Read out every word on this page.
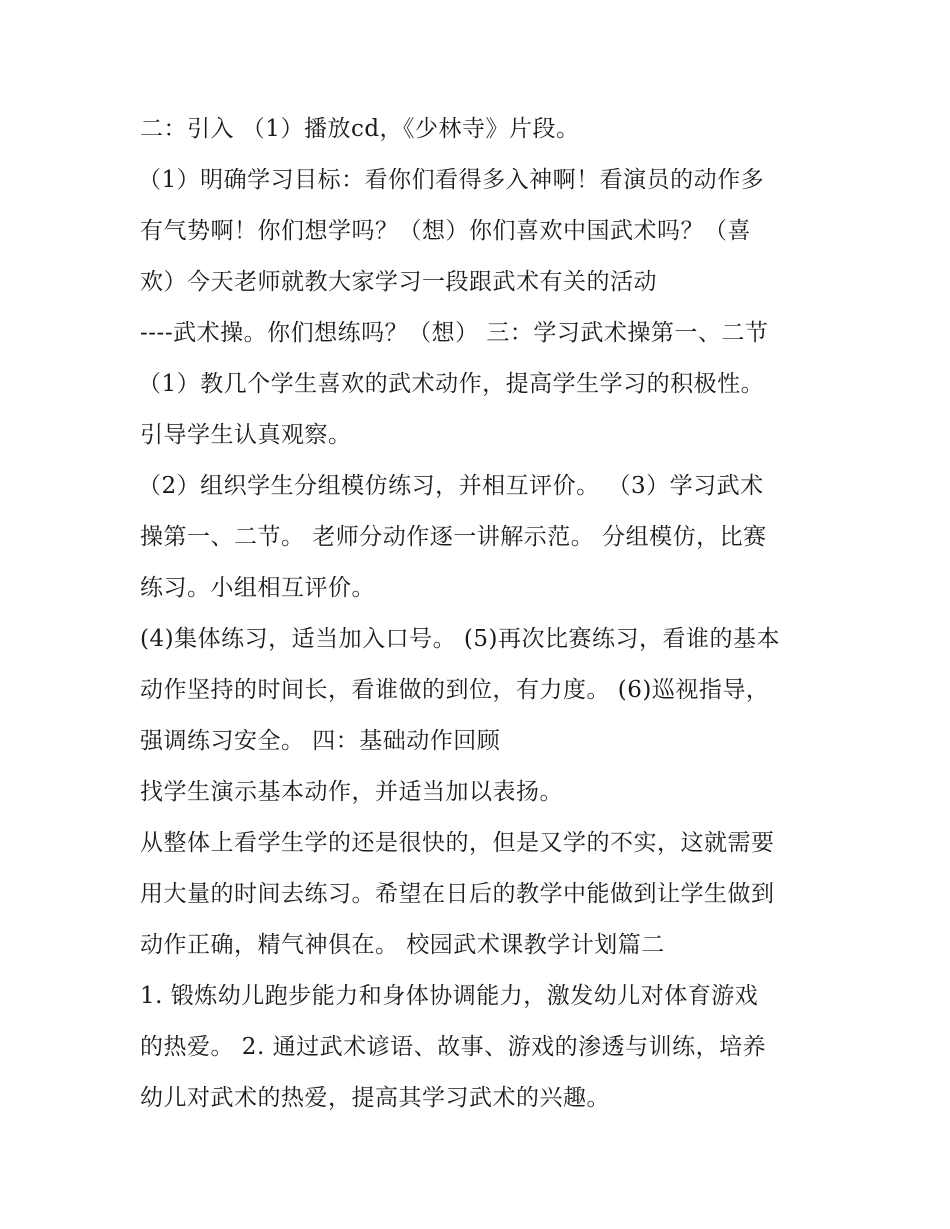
二：引入 （1）播放cd，《少林寺》片段。
（1）明确学习目标：看你们看得多入神啊！看演员的动作多
有气势啊！你们想学吗？（想）你们喜欢中国武术吗？（喜
欢）今天老师就教大家学习一段跟武术有关的活动
----武术操。你们想练吗？（想） 三：学习武术操第一、二节
（1）教几个学生喜欢的武术动作，提高学生学习的积极性。
引导学生认真观察。
（2）组织学生分组模仿练习，并相互评价。 （3）学习武术
操第一、二节。 老师分动作逐一讲解示范。 分组模仿，比赛
练习。小组相互评价。
(4)集体练习，适当加入口号。 (5)再次比赛练习，看谁的基本
动作坚持的时间长，看谁做的到位，有力度。 (6)巡视指导，
强调练习安全。 四：基础动作回顾
找学生演示基本动作，并适当加以表扬。
从整体上看学生学的还是很快的，但是又学的不实，这就需要
用大量的时间去练习。希望在日后的教学中能做到让学生做到
动作正确，精气神俱在。 校园武术课教学计划篇二
1. 锻炼幼儿跑步能力和身体协调能力，激发幼儿对体育游戏
的热爱。 2. 通过武术谚语、故事、游戏的渗透与训练，培养
幼儿对武术的热爱，提高其学习武术的兴趣。
